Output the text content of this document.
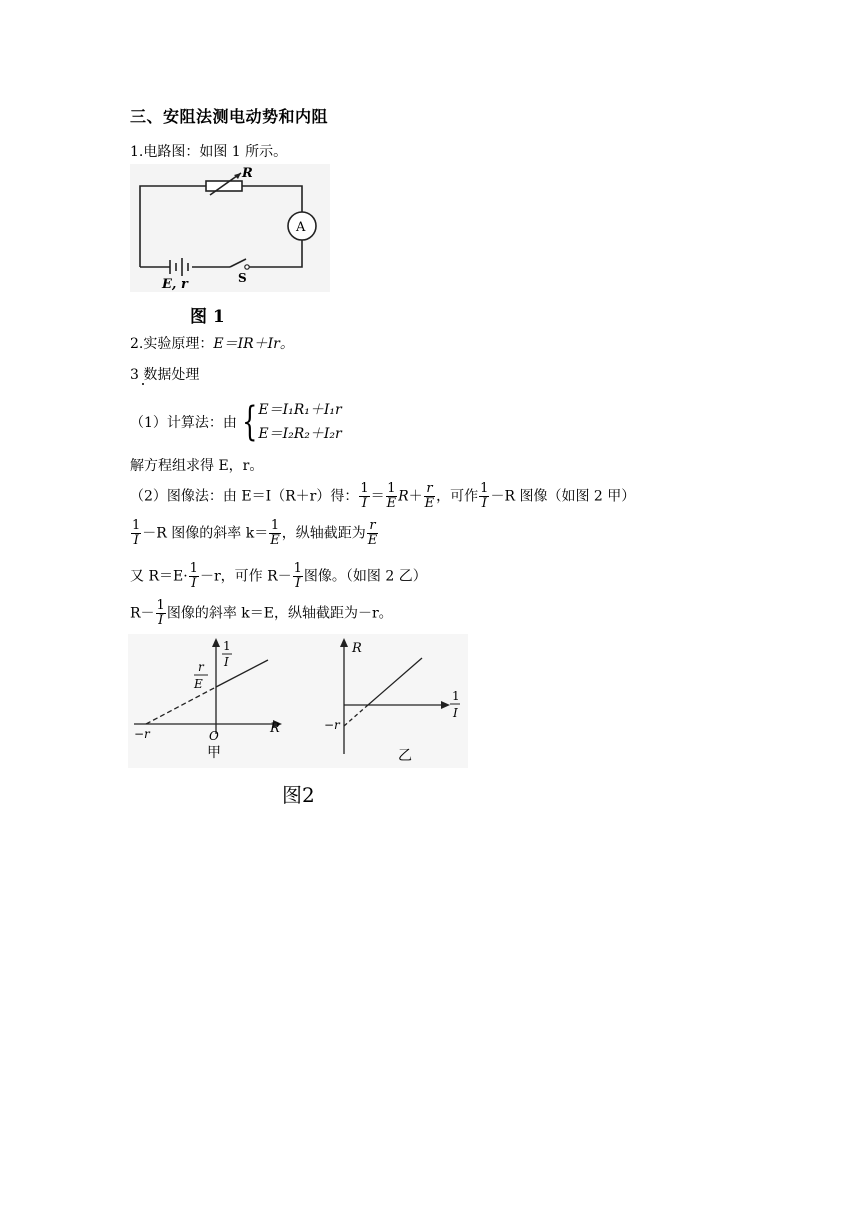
三、安阻法测电动势和内阻
1.电路图：如图 1 所示。
R
A
S
E, r
图 1
2.实验原理：E＝IR＋Ir。
3 数据处理
（1）计算法：由 { E＝I₁R₁＋I₁r
E＝I₂R₂＋I₂r
解方程组求得 E，r。
（2）图像法：由 E＝I（R＋r）得： $\frac{1}{I} = \frac{1}{E} R+ \frac{r}{E}$ ，可作 $\frac{1}{I} -R$ 图像（如图 2 甲）
$\frac{1}{I} -R$ 图像的斜率 $k= \frac{1}{E}$ ，纵轴截距为 $\frac{r}{E}$
又 $R=E\cdot \frac{1}{I} -r$，可作 $R- \frac{1}{I}$ 图像。（如图 2 乙）
$R- \frac{1}{I}$ 图像的斜率 k＝E，纵轴截距为－r。
1
I
r
E
R
−r	O
甲
R
1
I
−r
乙
图2
